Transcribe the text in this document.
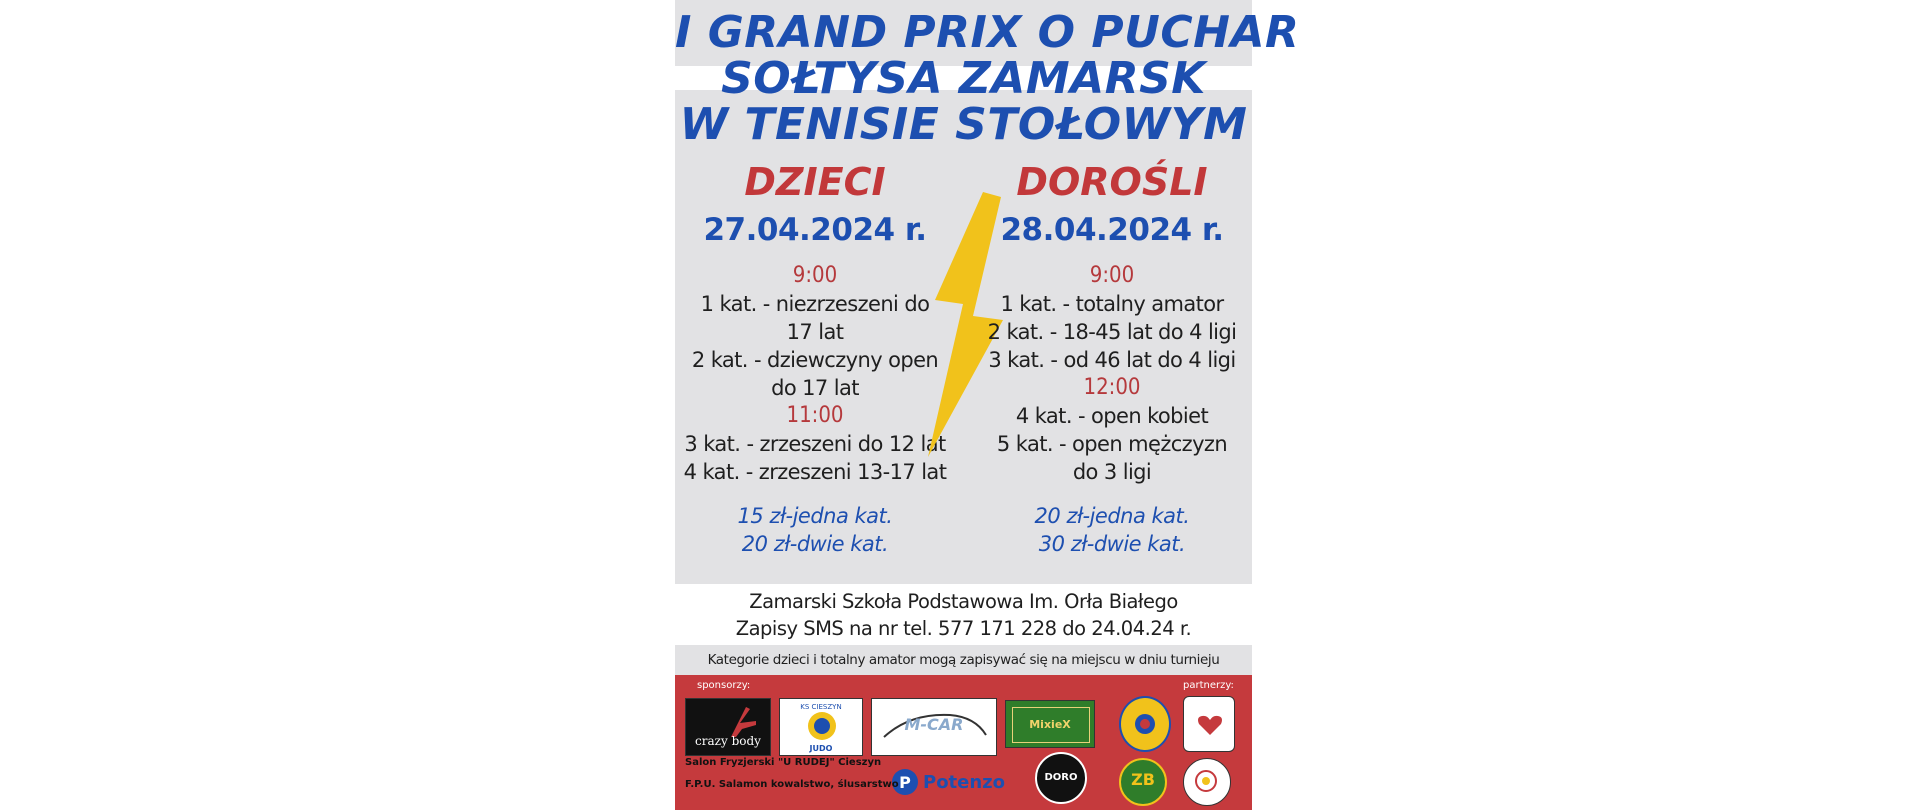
I GRAND PRIX O PUCHAR
SOŁTYSA ZAMARSK
W TENISIE STOŁOWYM
DZIECI
27.04.2024 r.
9:00
1 kat. - niezrzeszeni do
17 lat
2 kat. - dziewczyny open
do 17 lat
11:00
3 kat. - zrzeszeni do 12 lat
4 kat. - zrzeszeni 13-17 lat
15 zł-jedna kat.
20 zł-dwie kat.
DOROŚLI
28.04.2024 r.
9:00
1 kat. - totalny amator
2 kat. - 18-45 lat do 4 ligi
3 kat. - od 46 lat do 4 ligi
12:00
4 kat. - open kobiet
5 kat. - open mężczyzn
do 3 ligi
20 zł-jedna kat.
30 zł-dwie kat.
Zamarski Szkoła Podstawowa Im. Orła Białego
Zapisy SMS na nr tel. 577 171 228 do 24.04.24 r.
Kategorie dzieci i totalny amator mogą zapisywać się na miejscu w dniu turnieju
sponsorzy:	partnerzy:
crazy body
KS CIESZYN
JUDO
M-CAR	MixieX
P Potenzo	DORO	ZB
Salon Fryzjerski "U RUDEJ" Cieszyn
F.P.U. Salamon kowalstwo, ślusarstwo
